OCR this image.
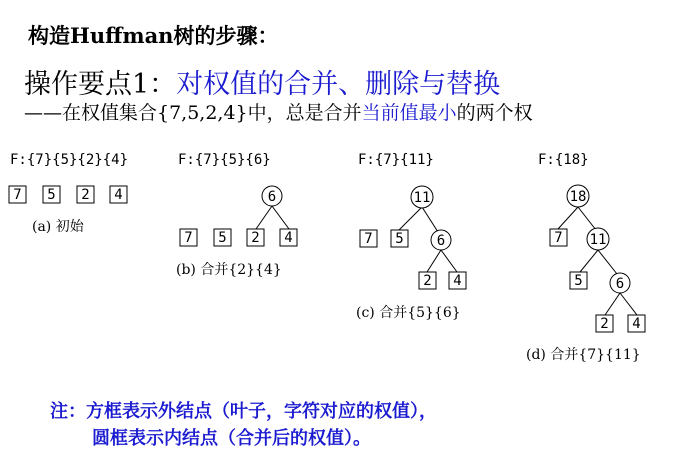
构造Huffman树的步骤：
操作要点1：对权值的合并、删除与替换
——在权值集合{7,5,2,4}中，总是合并当前值最小的两个权
F:{7}{5}{2}{4}	F:{7}{5}{6}	F:{7}{11}	F:{18}
7 5 2 4	6
7 5 2 4
11
6
7 5
2 4
18
11
6
7
5
2 4
(a) 初始
(b) 合并{2}{4}
(c) 合并{5}{6}
(d) 合并{7}{11}
注：方框表示外结点（叶子，字符对应的权值），
圆框表示内结点（合并后的权值）。
